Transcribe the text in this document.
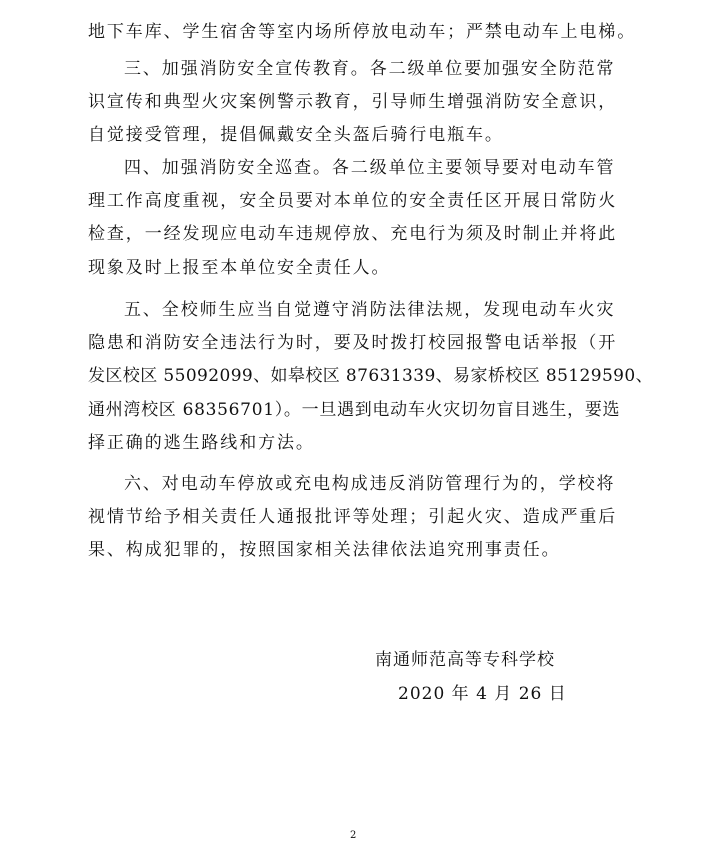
地下车库、学生宿舍等室内场所停放电动车；严禁电动车上电梯。
三、加强消防安全宣传教育。各二级单位要加强安全防范常
识宣传和典型火灾案例警示教育，引导师生增强消防安全意识，
自觉接受管理，提倡佩戴安全头盔后骑行电瓶车。
四、加强消防安全巡查。各二级单位主要领导要对电动车管
理工作高度重视，安全员要对本单位的安全责任区开展日常防火
检查，一经发现应电动车违规停放、充电行为须及时制止并将此
现象及时上报至本单位安全责任人。
五、全校师生应当自觉遵守消防法律法规，发现电动车火灾
隐患和消防安全违法行为时，要及时拨打校园报警电话举报（开
发区校区 55092099、如皋校区 87631339、易家桥校区 85129590、
通州湾校区 68356701）。一旦遇到电动车火灾切勿盲目逃生，要选
择正确的逃生路线和方法。
六、对电动车停放或充电构成违反消防管理行为的，学校将
视情节给予相关责任人通报批评等处理；引起火灾、造成严重后
果、构成犯罪的，按照国家相关法律依法追究刑事责任。
南通师范高等专科学校
2020 年 4 月 26 日
2
